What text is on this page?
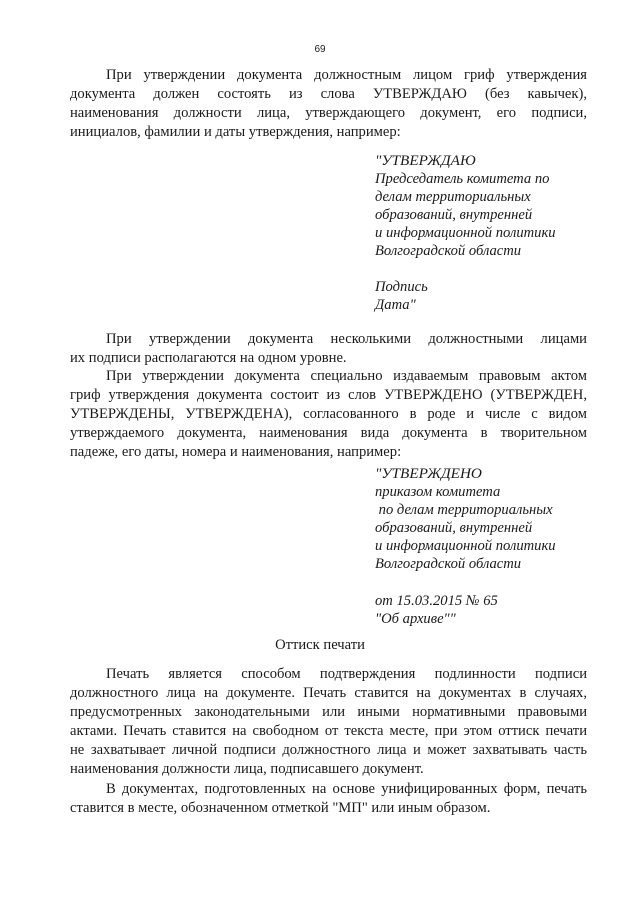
69
При утверждении документа должностным лицом гриф утверждения
документа должен состоять из слова УТВЕРЖДАЮ (без кавычек),
наименования должности лица, утверждающего документ, его подписи,
инициалов, фамилии и даты утверждения, например:
"УТВЕРЖДАЮ
Председатель комитета по
делам территориальных
образований, внутренней
и информационной политики
Волгоградской области
Подпись
Дата"
При утверждении документа несколькими должностными лицами
их подписи располагаются на одном уровне.
При утверждении документа специально издаваемым правовым актом
гриф утверждения документа состоит из слов УТВЕРЖДЕНО (УТВЕРЖДЕН,
УТВЕРЖДЕНЫ, УТВЕРЖДЕНА), согласованного в роде и числе с видом
утверждаемого документа, наименования вида документа в творительном
падеже, его даты, номера и наименования, например:
"УТВЕРЖДЕНО
приказом комитета
по делам территориальных
образований, внутренней
и информационной политики
Волгоградской области
от 15.03.2015 № 65
"Об архиве""
Оттиск печати
Печать является способом подтверждения подлинности подписи
должностного лица на документе. Печать ставится на документах в случаях,
предусмотренных законодательными или иными нормативными правовыми
актами. Печать ставится на свободном от текста месте, при этом оттиск печати
не захватывает личной подписи должностного лица и может захватывать часть
наименования должности лица, подписавшего документ.
В документах, подготовленных на основе унифицированных форм, печать
ставится в месте, обозначенном отметкой "МП" или иным образом.
